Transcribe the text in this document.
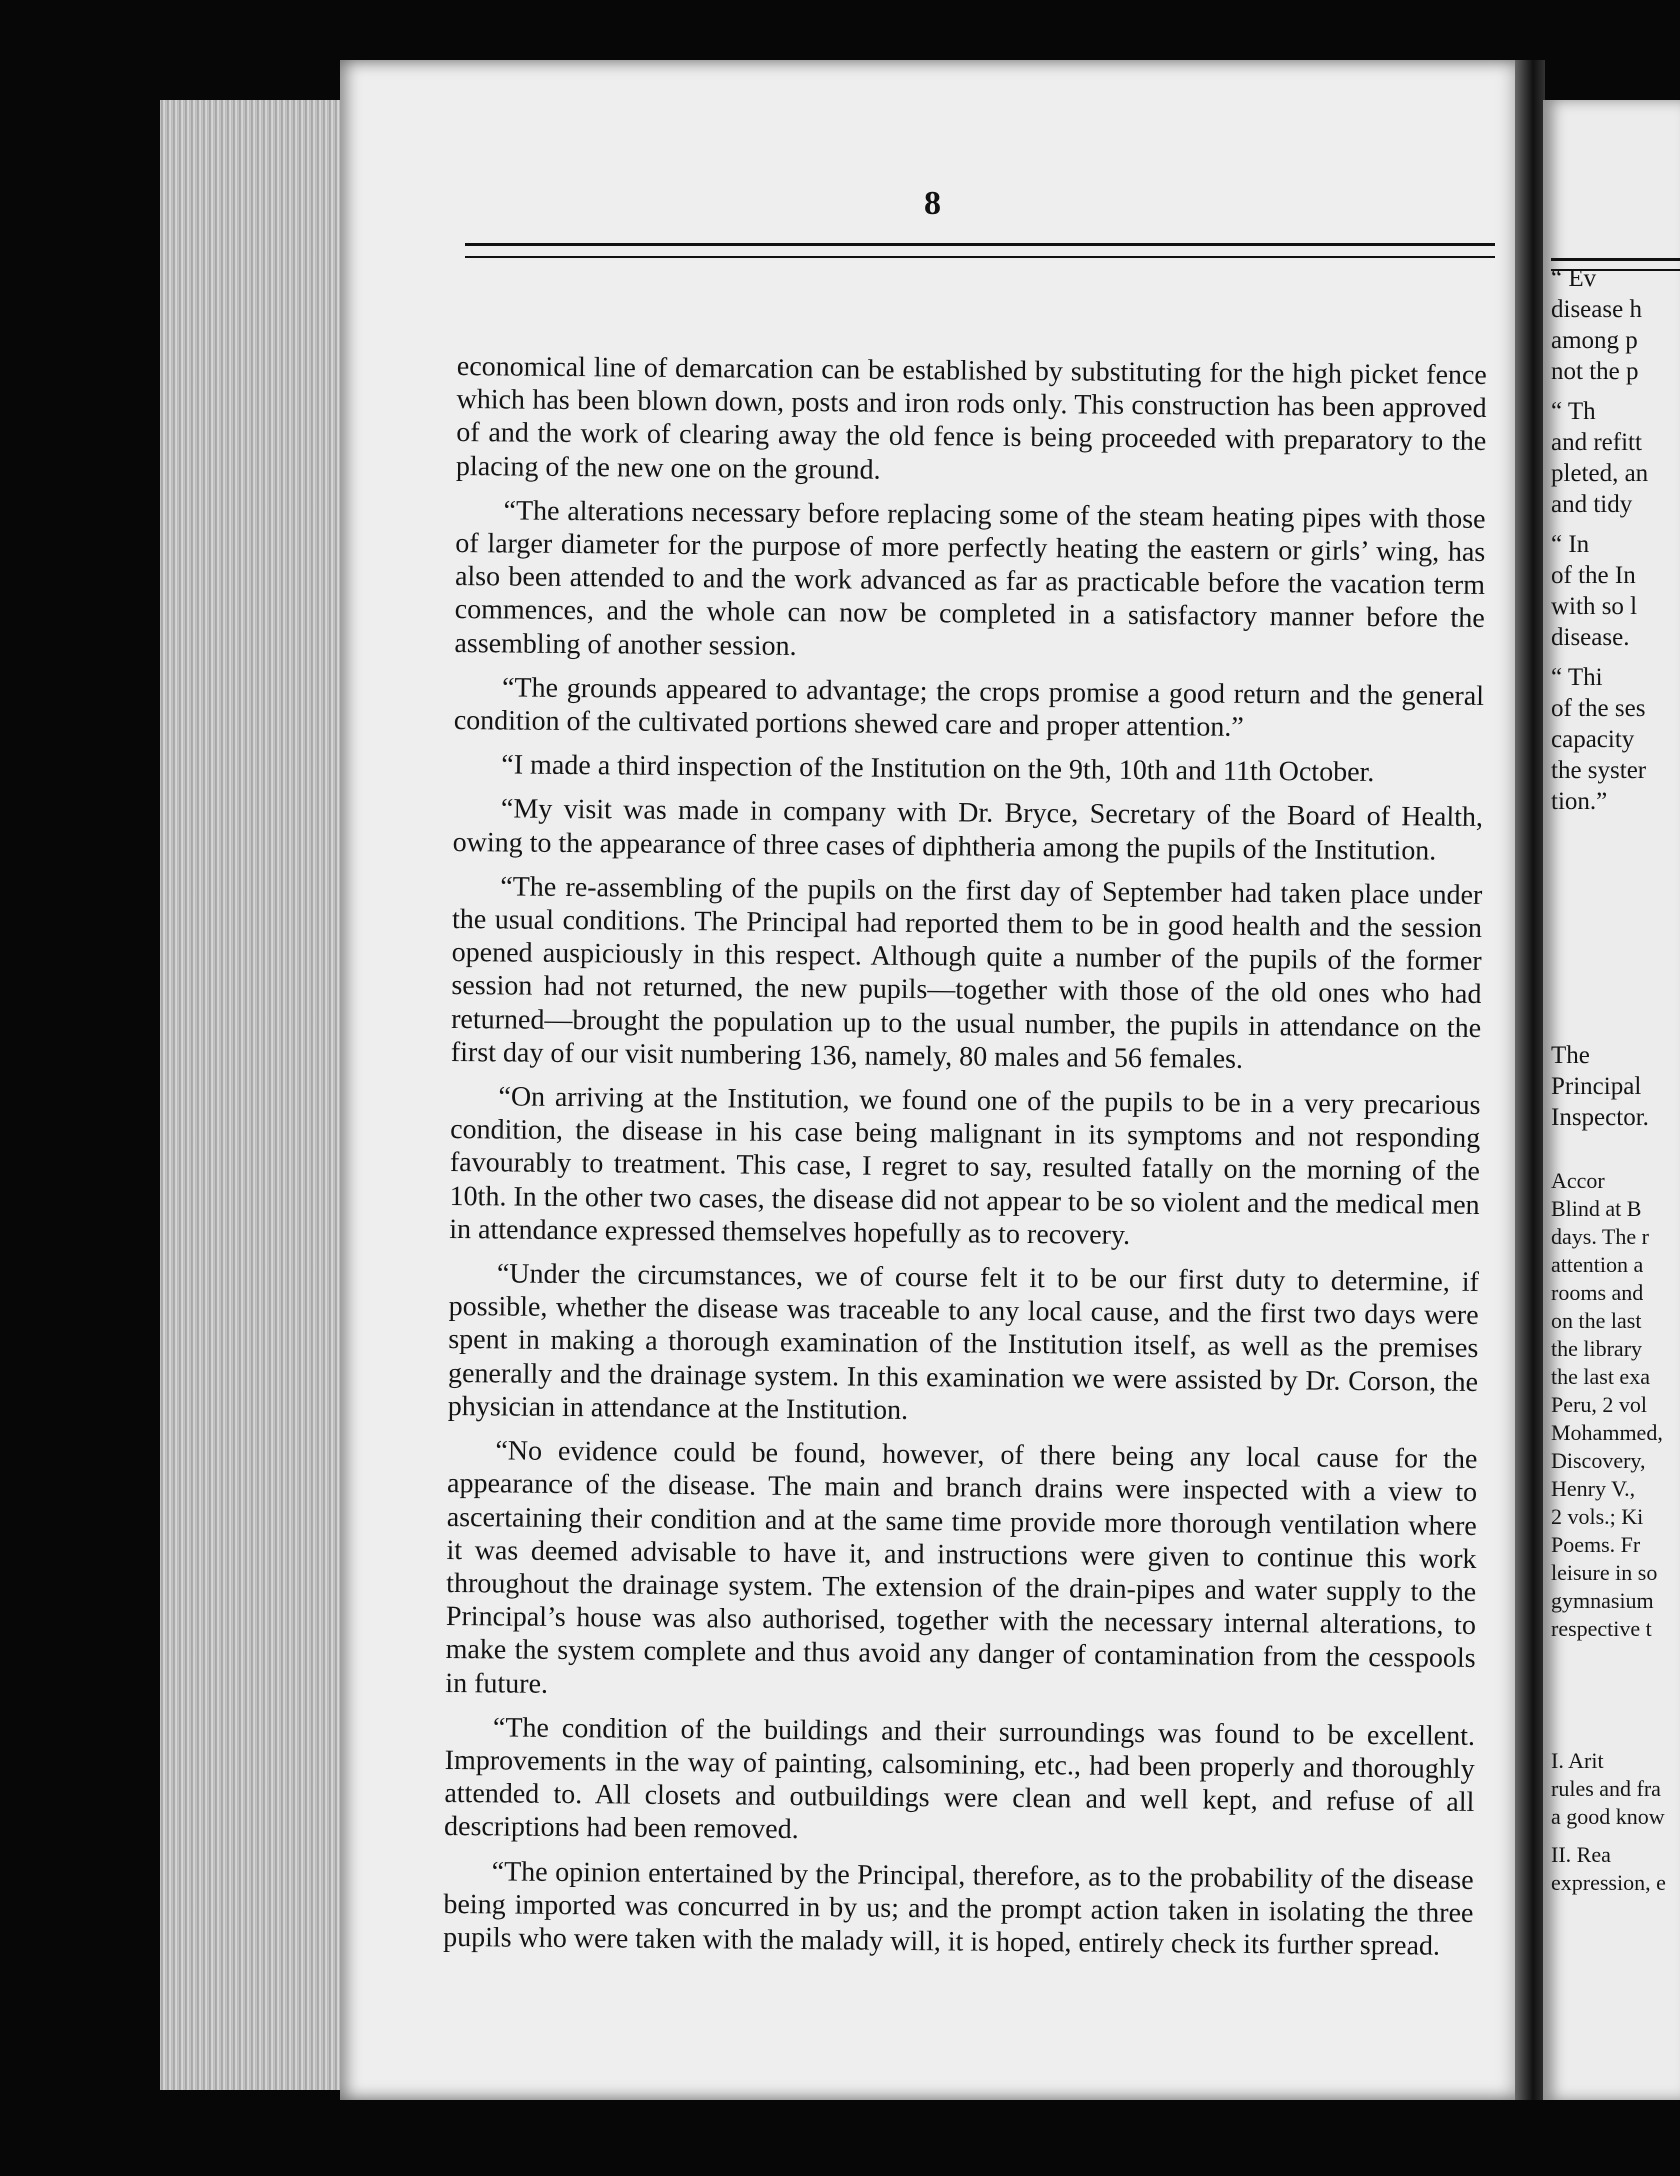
8

economical line of demarcation can be established by substituting for the high picket fence which has been blown down, posts and iron rods only. This construction has been approved of and the work of clearing away the old fence is being proceeded with preparatory to the placing of the new one on the ground.

“The alterations necessary before replacing some of the steam heating pipes with those of larger diameter for the purpose of more perfectly heating the eastern or girls’ wing, has also been attended to and the work advanced as far as practicable before the vacation term commences, and the whole can now be completed in a satisfactory manner before the assembling of another session.

“The grounds appeared to advantage; the crops promise a good return and the general condition of the cultivated portions shewed care and proper attention.”

“I made a third inspection of the Institution on the 9th, 10th and 11th October.

“My visit was made in company with Dr. Bryce, Secretary of the Board of Health, owing to the appearance of three cases of diphtheria among the pupils of the Institution.

“The re-assembling of the pupils on the first day of September had taken place under the usual conditions. The Principal had reported them to be in good health and the session opened auspiciously in this respect. Although quite a number of the pupils of the former session had not returned, the new pupils—together with those of the old ones who had returned—brought the population up to the usual number, the pupils in attendance on the first day of our visit numbering 136, namely, 80 males and 56 females.

“On arriving at the Institution, we found one of the pupils to be in a very precarious condition, the disease in his case being malignant in its symptoms and not responding favourably to treatment. This case, I regret to say, resulted fatally on the morning of the 10th. In the other two cases, the disease did not appear to be so violent and the medical men in attendance expressed themselves hopefully as to recovery.

“Under the circumstances, we of course felt it to be our first duty to determine, if possible, whether the disease was traceable to any local cause, and the first two days were spent in making a thorough examination of the Institution itself, as well as the premises generally and the drainage system. In this examination we were assisted by Dr. Corson, the physician in attendance at the Institution.

“No evidence could be found, however, of there being any local cause for the appearance of the disease. The main and branch drains were inspected with a view to ascertaining their condition and at the same time provide more thorough ventilation where it was deemed advisable to have it, and instructions were given to continue this work throughout the drainage system. The extension of the drain-pipes and water supply to the Principal’s house was also authorised, together with the necessary internal alterations, to make the system complete and thus avoid any danger of contamination from the cesspools in future.

“The condition of the buildings and their surroundings was found to be excellent. Improvements in the way of painting, calsomining, etc., had been properly and thoroughly attended to. All closets and outbuildings were clean and well kept, and refuse of all descriptions had been removed.

“The opinion entertained by the Principal, therefore, as to the probability of the disease being imported was concurred in by us; and the prompt action taken in isolating the three pupils who were taken with the malady will, it is hoped, entirely check its further spread.

“ Ev
disease h
among p
not the p
“ Th
and refitt
pleted, an
and tidy
“ In
of the In
with so l
disease.
“ Thi
of the ses
capacity
the syster
tion.”
The
Principal
Inspector.
Accor
Blind at B
days. The r
attention a
rooms and
on the last
the library
the last exa
Peru, 2 vol
Mohammed,
Discovery,
Henry V.,
2 vols.; Ki
Poems. Fr
leisure in so
gymnasium
respective t
I. Arit
rules and fra
a good know
II. Rea
expression, e
